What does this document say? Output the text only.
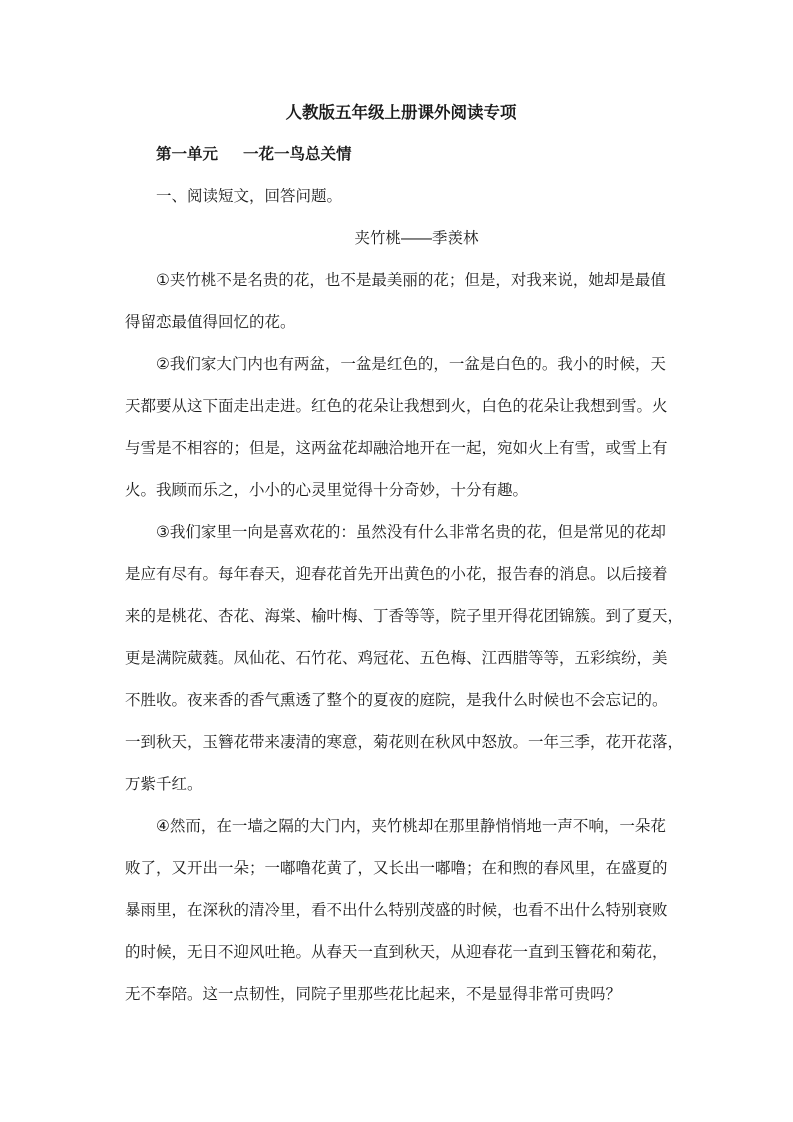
人教版五年级上册课外阅读专项
第一单元 一花一鸟总关情
一、阅读短文，回答问题。
夹竹桃——季羡林
①夹竹桃不是名贵的花，也不是最美丽的花；但是，对我来说，她却是最值
得留恋最值得回忆的花。
②我们家大门内也有两盆，一盆是红色的，一盆是白色的。我小的时候，天
天都要从这下面走出走进。红色的花朵让我想到火，白色的花朵让我想到雪。火
与雪是不相容的；但是，这两盆花却融洽地开在一起，宛如火上有雪，或雪上有
火。我顾而乐之，小小的心灵里觉得十分奇妙，十分有趣。
③我们家里一向是喜欢花的：虽然没有什么非常名贵的花，但是常见的花却
是应有尽有。每年春天，迎春花首先开出黄色的小花，报告春的消息。以后接着
来的是桃花、杏花、海棠、榆叶梅、丁香等等，院子里开得花团锦簇。到了夏天，
更是满院葳蕤。凤仙花、石竹花、鸡冠花、五色梅、江西腊等等，五彩缤纷，美
不胜收。夜来香的香气熏透了整个的夏夜的庭院，是我什么时候也不会忘记的。
一到秋天，玉簪花带来凄清的寒意，菊花则在秋风中怒放。一年三季，花开花落，
万紫千红。
④然而，在一墙之隔的大门内，夹竹桃却在那里静悄悄地一声不响，一朵花
败了，又开出一朵；一嘟噜花黄了，又长出一嘟噜；在和煦的春风里，在盛夏的
暴雨里，在深秋的清冷里，看不出什么特别茂盛的时候，也看不出什么特别衰败
的时候，无日不迎风吐艳。从春天一直到秋天，从迎春花一直到玉簪花和菊花，
无不奉陪。这一点韧性，同院子里那些花比起来，不是显得非常可贵吗？
